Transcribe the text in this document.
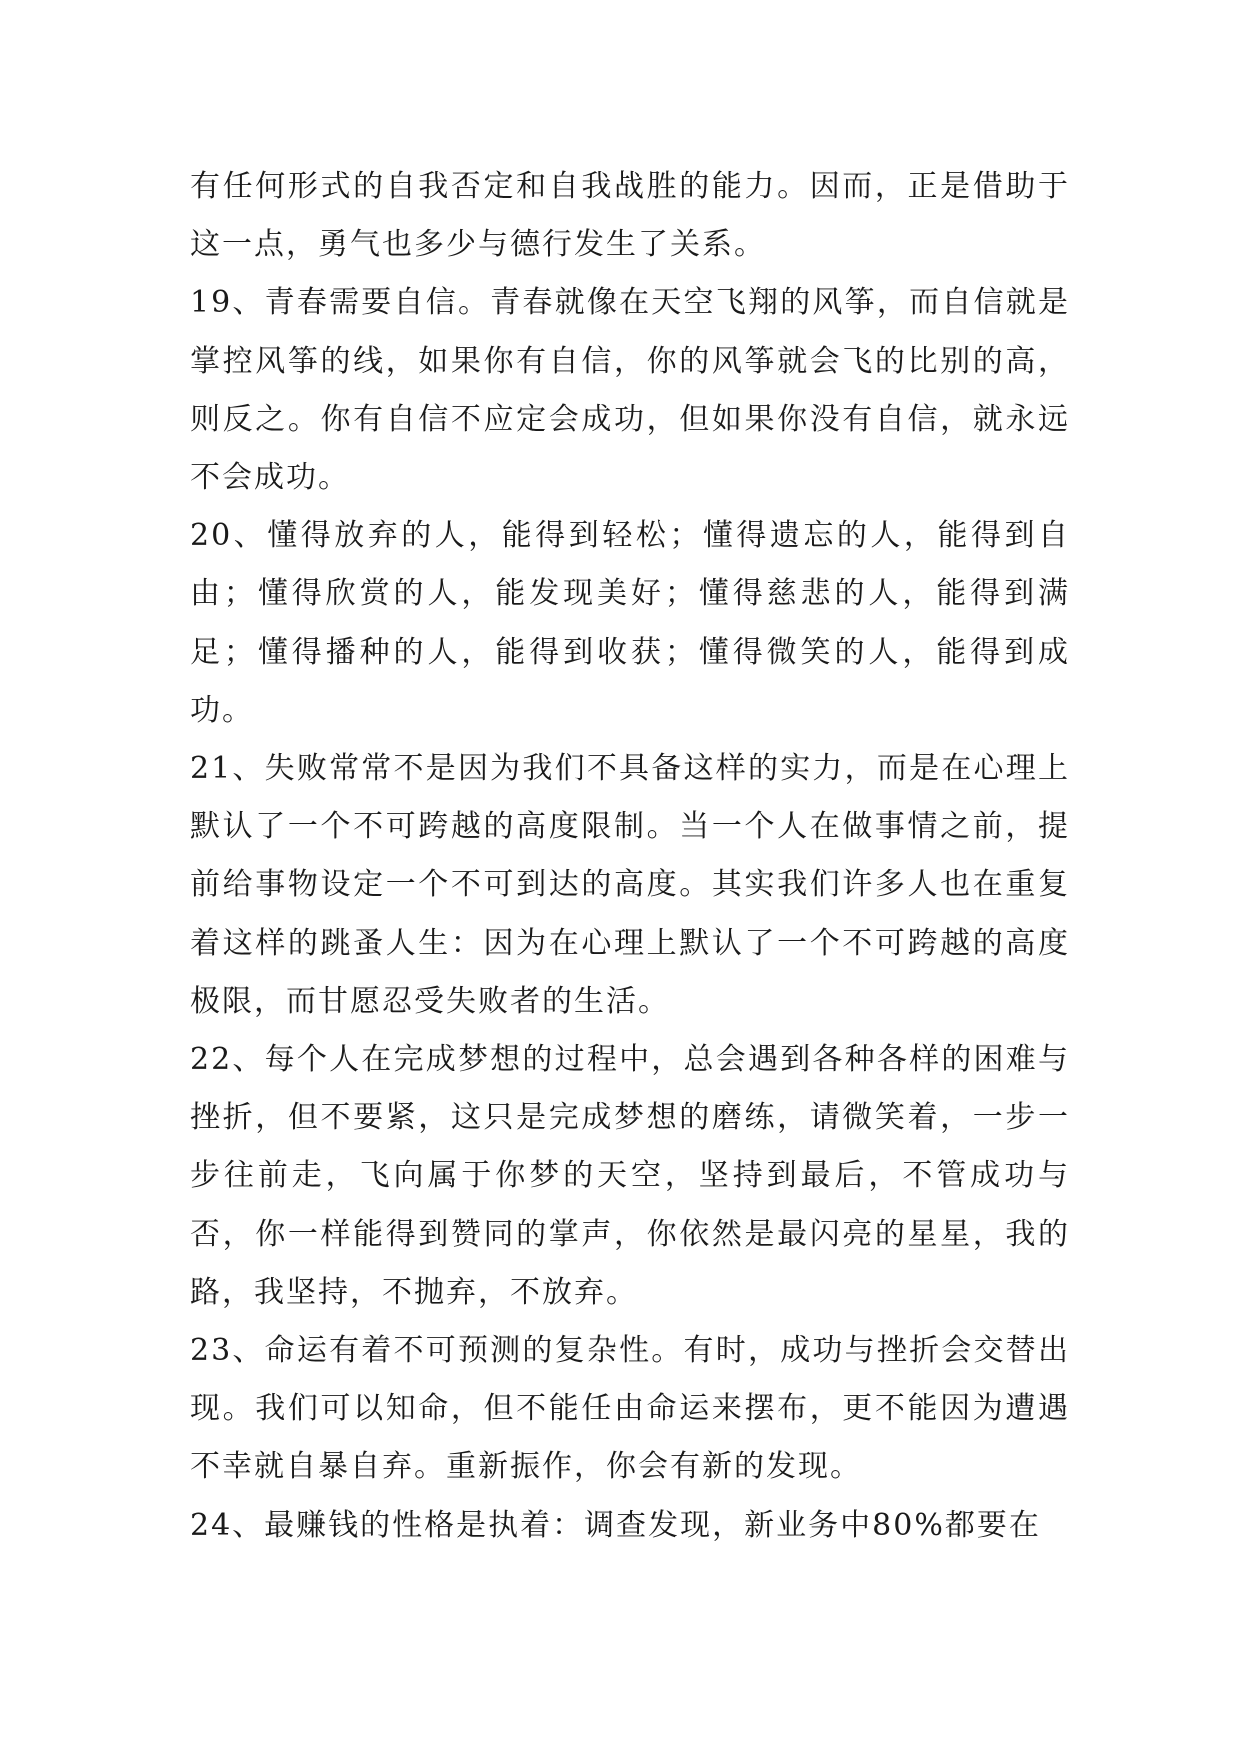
有任何形式的自我否定和自我战胜的能力。因而，正是借助于这一点，勇气也多少与德行发生了关系。

19、青春需要自信。青春就像在天空飞翔的风筝，而自信就是掌控风筝的线，如果你有自信，你的风筝就会飞的比别的高，则反之。你有自信不应定会成功，但如果你没有自信，就永远不会成功。

20、懂得放弃的人，能得到轻松；懂得遗忘的人，能得到自由；懂得欣赏的人，能发现美好；懂得慈悲的人，能得到满足；懂得播种的人，能得到收获；懂得微笑的人，能得到成功。

21、失败常常不是因为我们不具备这样的实力，而是在心理上默认了一个不可跨越的高度限制。当一个人在做事情之前，提前给事物设定一个不可到达的高度。其实我们许多人也在重复着这样的跳蚤人生：因为在心理上默认了一个不可跨越的高度极限，而甘愿忍受失败者的生活。

22、每个人在完成梦想的过程中，总会遇到各种各样的困难与挫折，但不要紧，这只是完成梦想的磨练，请微笑着，一步一步往前走，飞向属于你梦的天空，坚持到最后，不管成功与否，你一样能得到赞同的掌声，你依然是最闪亮的星星，我的路，我坚持，不抛弃，不放弃。

23、命运有着不可预测的复杂性。有时，成功与挫折会交替出现。我们可以知命，但不能任由命运来摆布，更不能因为遭遇不幸就自暴自弃。重新振作，你会有新的发现。

24、最赚钱的性格是执着：调查发现，新业务中80%都要在
